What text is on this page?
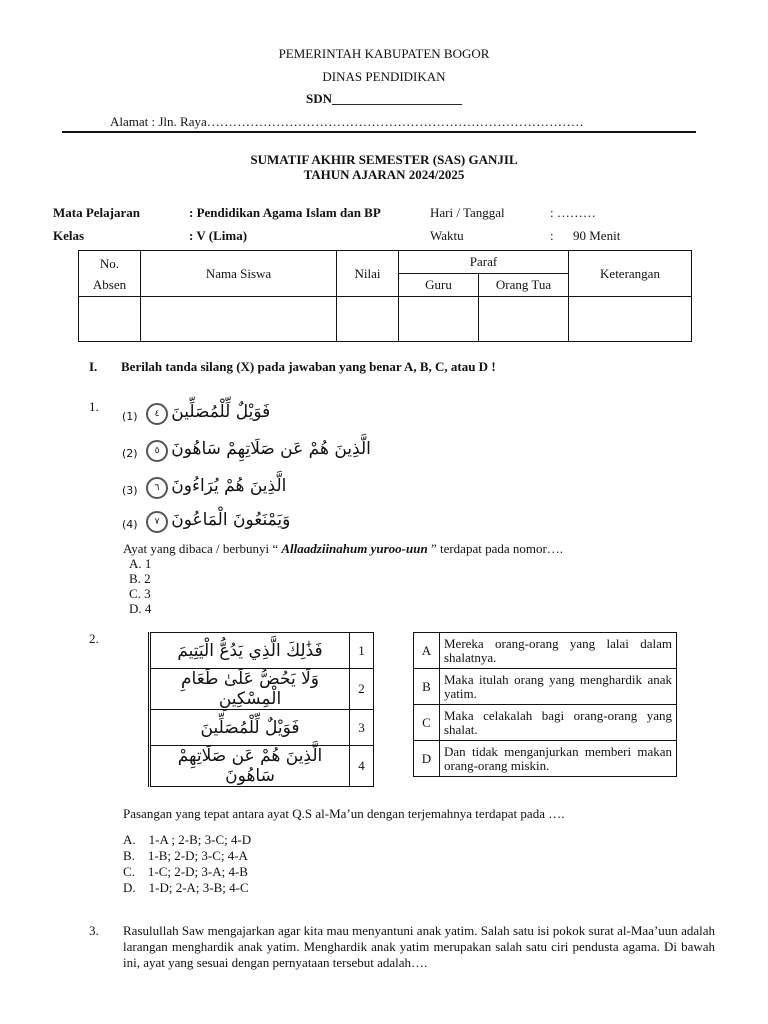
PEMERINTAH KABUPATEN BOGOR
DINAS PENDIDIKAN
SDN____________________
Alamat : Jln. Raya……………………………………………………………………………
SUMATIF AKHIR SEMESTER (SAS) GANJIL
TAHUN AJARAN 2024/2025
Mata Pelajaran	: Pendidikan Agama Islam dan BP	Hari / Tanggal	: ………
Kelas	: V (Lima)	Waktu	: 90 Menit
No.
Absen	Nama Siswa	Nilai	Paraf		Keterangan
			Guru	Orang Tua	

I. Berilah tanda silang (X) pada jawaban yang benar A, B, C, atau D !
1.
(1)	٤ فَوَيْلٌ لِّلْمُصَلِّينَ
(2)	٥ الَّذِينَ هُمْ عَن صَلَاتِهِمْ سَاهُونَ
(3)	٦ الَّذِينَ هُمْ يُرَاءُونَ
(4)	٧ وَيَمْنَعُونَ الْمَاعُونَ
Ayat yang dibaca / berbunyi “ Allaadziinahum yuroo-uun ” terdapat pada nomor….
A. 1
B. 2
C. 3
D. 4
2.
فَذَٰلِكَ الَّذِي يَدُعُّ الْيَتِيمَ	1
وَلَا يَحُضُّ عَلَىٰ طَعَامِ الْمِسْكِينِ	2
فَوَيْلٌ لِّلْمُصَلِّينَ	3
الَّذِينَ هُمْ عَن صَلَاتِهِمْ سَاهُونَ	4
A	Mereka orang-orang yang lalai dalam shalatnya.
B	Maka itulah orang yang menghardik anak yatim.
C	Maka celakalah bagi orang-orang yang shalat.
D	Dan tidak menganjurkan memberi makan orang-orang miskin.
Pasangan yang tepat antara ayat Q.S al-Ma’un dengan terjemahnya terdapat pada ….
A.    1-A ; 2-B; 3-C; 4-D
B.    1-B; 2-D; 3-C; 4-A
C.    1-C; 2-D; 3-A; 4-B
D.    1-D; 2-A; 3-B; 4-C
3. Rasulullah Saw mengajarkan agar kita mau menyantuni anak yatim. Salah satu isi pokok surat al-Maa’uun adalah larangan menghardik anak yatim. Menghardik anak yatim merupakan salah satu ciri pendusta agama. Di bawah ini, ayat yang sesuai dengan pernyataan tersebut adalah….
